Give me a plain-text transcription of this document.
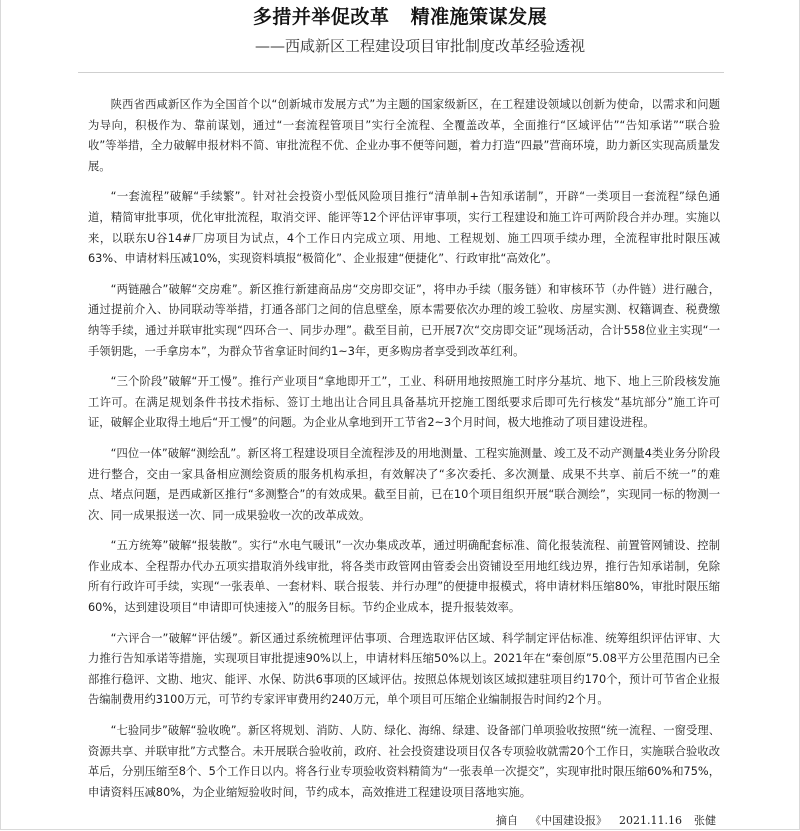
多措并举促改革   精准施策谋发展
——西咸新区工程建设项目审批制度改革经验透视

陕西省西咸新区作为全国首个以“创新城市发展方式”为主题的国家级新区，在工程建设领域以创新为使命，以需求和问题为导向，积极作为、靠前谋划，通过“一套流程管项目”实行全流程、全覆盖改革，全面推行“区域评估”“告知承诺”“联合验收”等举措，全力破解申报材料不简、审批流程不优、企业办事不便等问题，着力打造“四最”营商环境，助力新区实现高质量发展。

“一套流程”破解“手续繁”。针对社会投资小型低风险项目推行“清单制+告知承诺制”，开辟“一类项目一套流程”绿色通道，精简审批事项，优化审批流程，取消交评、能评等12个评估评审事项，实行工程建设和施工许可两阶段合并办理。实施以来，以联东U谷14#厂房项目为试点，4个工作日内完成立项、用地、工程规划、施工四项手续办理，全流程审批时限压减63%、申请材料压减10%，实现资料填报“极简化”、企业报建“便捷化”、行政审批“高效化”。

“两链融合”破解“交房难”。新区推行新建商品房“交房即交证”，将申办手续（服务链）和审核环节（办件链）进行融合，通过提前介入、协同联动等举措，打通各部门之间的信息壁垒，原本需要依次办理的竣工验收、房屋实测、权籍调查、税费缴纳等手续，通过并联审批实现“四环合一、同步办理”。截至目前，已开展7次“交房即交证”现场活动，合计558位业主实现“一手领钥匙，一手拿房本”，为群众节省拿证时间约1~3年，更多购房者享受到改革红利。

“三个阶段”破解“开工慢”。推行产业项目“拿地即开工”，工业、科研用地按照施工时序分基坑、地下、地上三阶段核发施工许可。在满足规划条件书技术指标、签订土地出让合同且具备基坑开挖施工图纸要求后即可先行核发“基坑部分”施工许可证，破解企业取得土地后“开工慢”的问题。为企业从拿地到开工节省2~3个月时间，极大地推动了项目建设进程。

“四位一体”破解“测绘乱”。新区将工程建设项目全流程涉及的用地测量、工程实施测量、竣工及不动产测量4类业务分阶段进行整合，交由一家具备相应测绘资质的服务机构承担，有效解决了“多次委托、多次测量、成果不共享、前后不统一”的难点、堵点问题，是西咸新区推行“多测整合”的有效成果。截至目前，已在10个项目组织开展“联合测绘”，实现同一标的物测一次、同一成果报送一次、同一成果验收一次的改革成效。

“五方统筹”破解“报装散”。实行“水电气暖讯”一次办集成改革，通过明确配套标准、简化报装流程、前置管网铺设、控制作业成本、全程帮办代办五项实措取消外线审批，将各类市政管网由管委会出资铺设至用地红线边界，推行告知承诺制，免除所有行政许可手续，实现“一张表单、一套材料、联合报装、并行办理”的便捷申报模式，将申请材料压缩80%，审批时限压缩60%，达到建设项目“申请即可快速接入”的服务目标。节约企业成本，提升报装效率。

“六评合一”破解“评估缓”。新区通过系统梳理评估事项、合理选取评估区域、科学制定评估标准、统筹组织评估评审、大力推行告知承诺等措施，实现项目审批提速90%以上，申请材料压缩50%以上。2021年在“秦创原”5.08平方公里范围内已全部推行稳评、文勘、地灾、能评、水保、防洪6事项的区域评估。按照总体规划该区域拟建驻项目约170个，预计可节省企业报告编制费用约3100万元，可节约专家评审费用约240万元，单个项目可压缩企业编制报告时间约2个月。

“七验同步”破解“验收晚”。新区将规划、消防、人防、绿化、海绵、绿建、设备部门单项验收按照“统一流程、一窗受理、资源共享、并联审批”方式整合。未开展联合验收前，政府、社会投资建设项目仅各专项验收就需20个工作日，实施联合验收改革后，分别压缩至8个、5个工作日以内。将各行业专项验收资料精简为“一张表单一次提交”，实现审批时限压缩60%和75%，申请资料压减80%，为企业缩短验收时间，节约成本，高效推进工程建设项目落地实施。

摘自 《中国建设报》 2021.11.16 张健
